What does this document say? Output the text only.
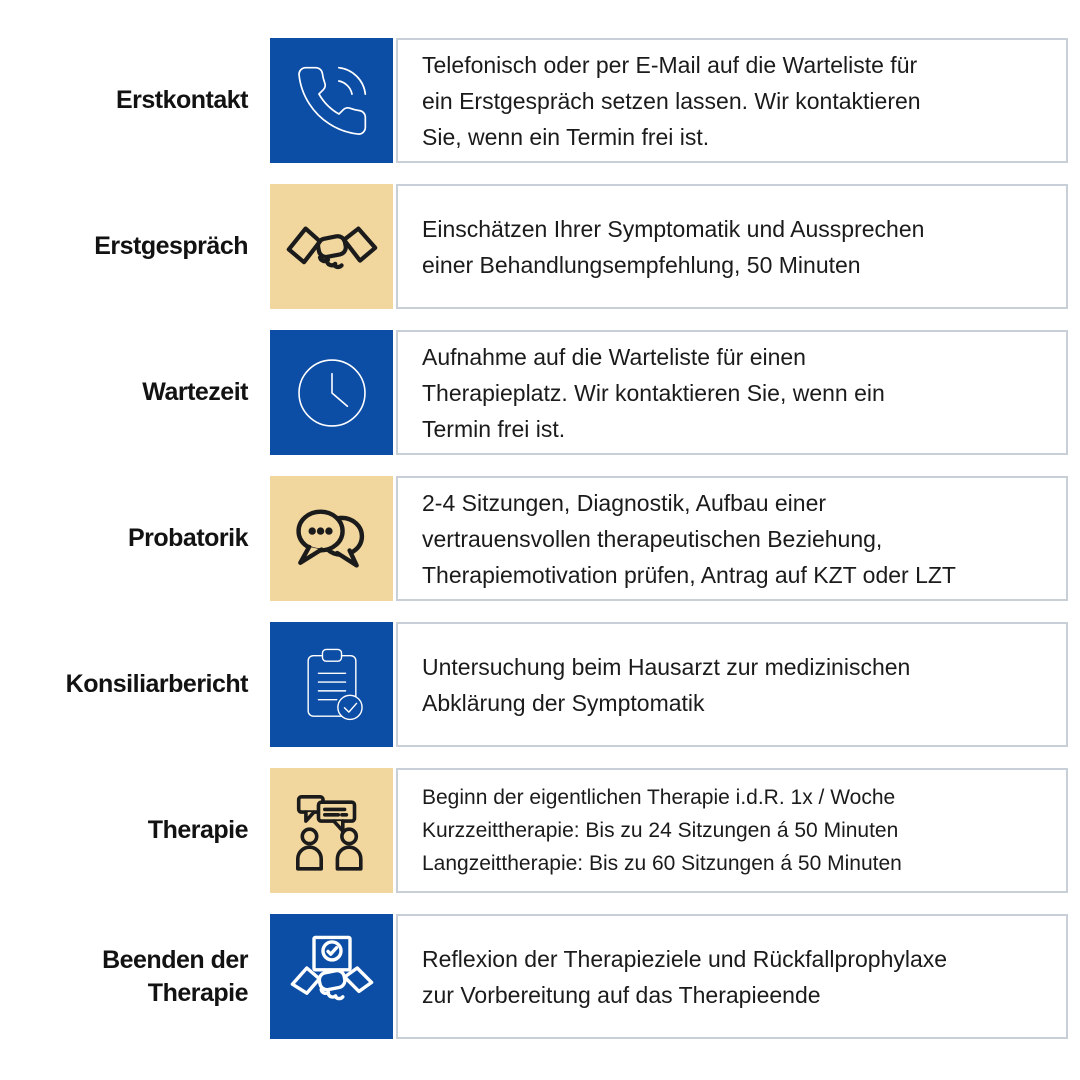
Erstkontakt
Telefonisch oder per E-Mail auf die Warteliste für
ein Erstgespräch setzen lassen. Wir kontaktieren
Sie, wenn ein Termin frei ist.
Erstgespräch
Einschätzen Ihrer Symptomatik und Aussprechen
einer Behandlungsempfehlung, 50 Minuten
Wartezeit
Aufnahme auf die Warteliste für einen
Therapieplatz. Wir kontaktieren Sie, wenn ein
Termin frei ist.
Probatorik
2-4 Sitzungen, Diagnostik, Aufbau einer
vertrauensvollen therapeutischen Beziehung,
Therapiemotivation prüfen, Antrag auf KZT oder LZT
Konsiliarbericht
Untersuchung beim Hausarzt zur medizinischen
Abklärung der Symptomatik
Therapie
Beginn der eigentlichen Therapie i.d.R. 1x / Woche
Kurzzeittherapie: Bis zu 24 Sitzungen á 50 Minuten
Langzeittherapie: Bis zu 60 Sitzungen á 50 Minuten
Beenden der Therapie
Reflexion der Therapieziele und Rückfallprophylaxe
zur Vorbereitung auf das Therapieende
